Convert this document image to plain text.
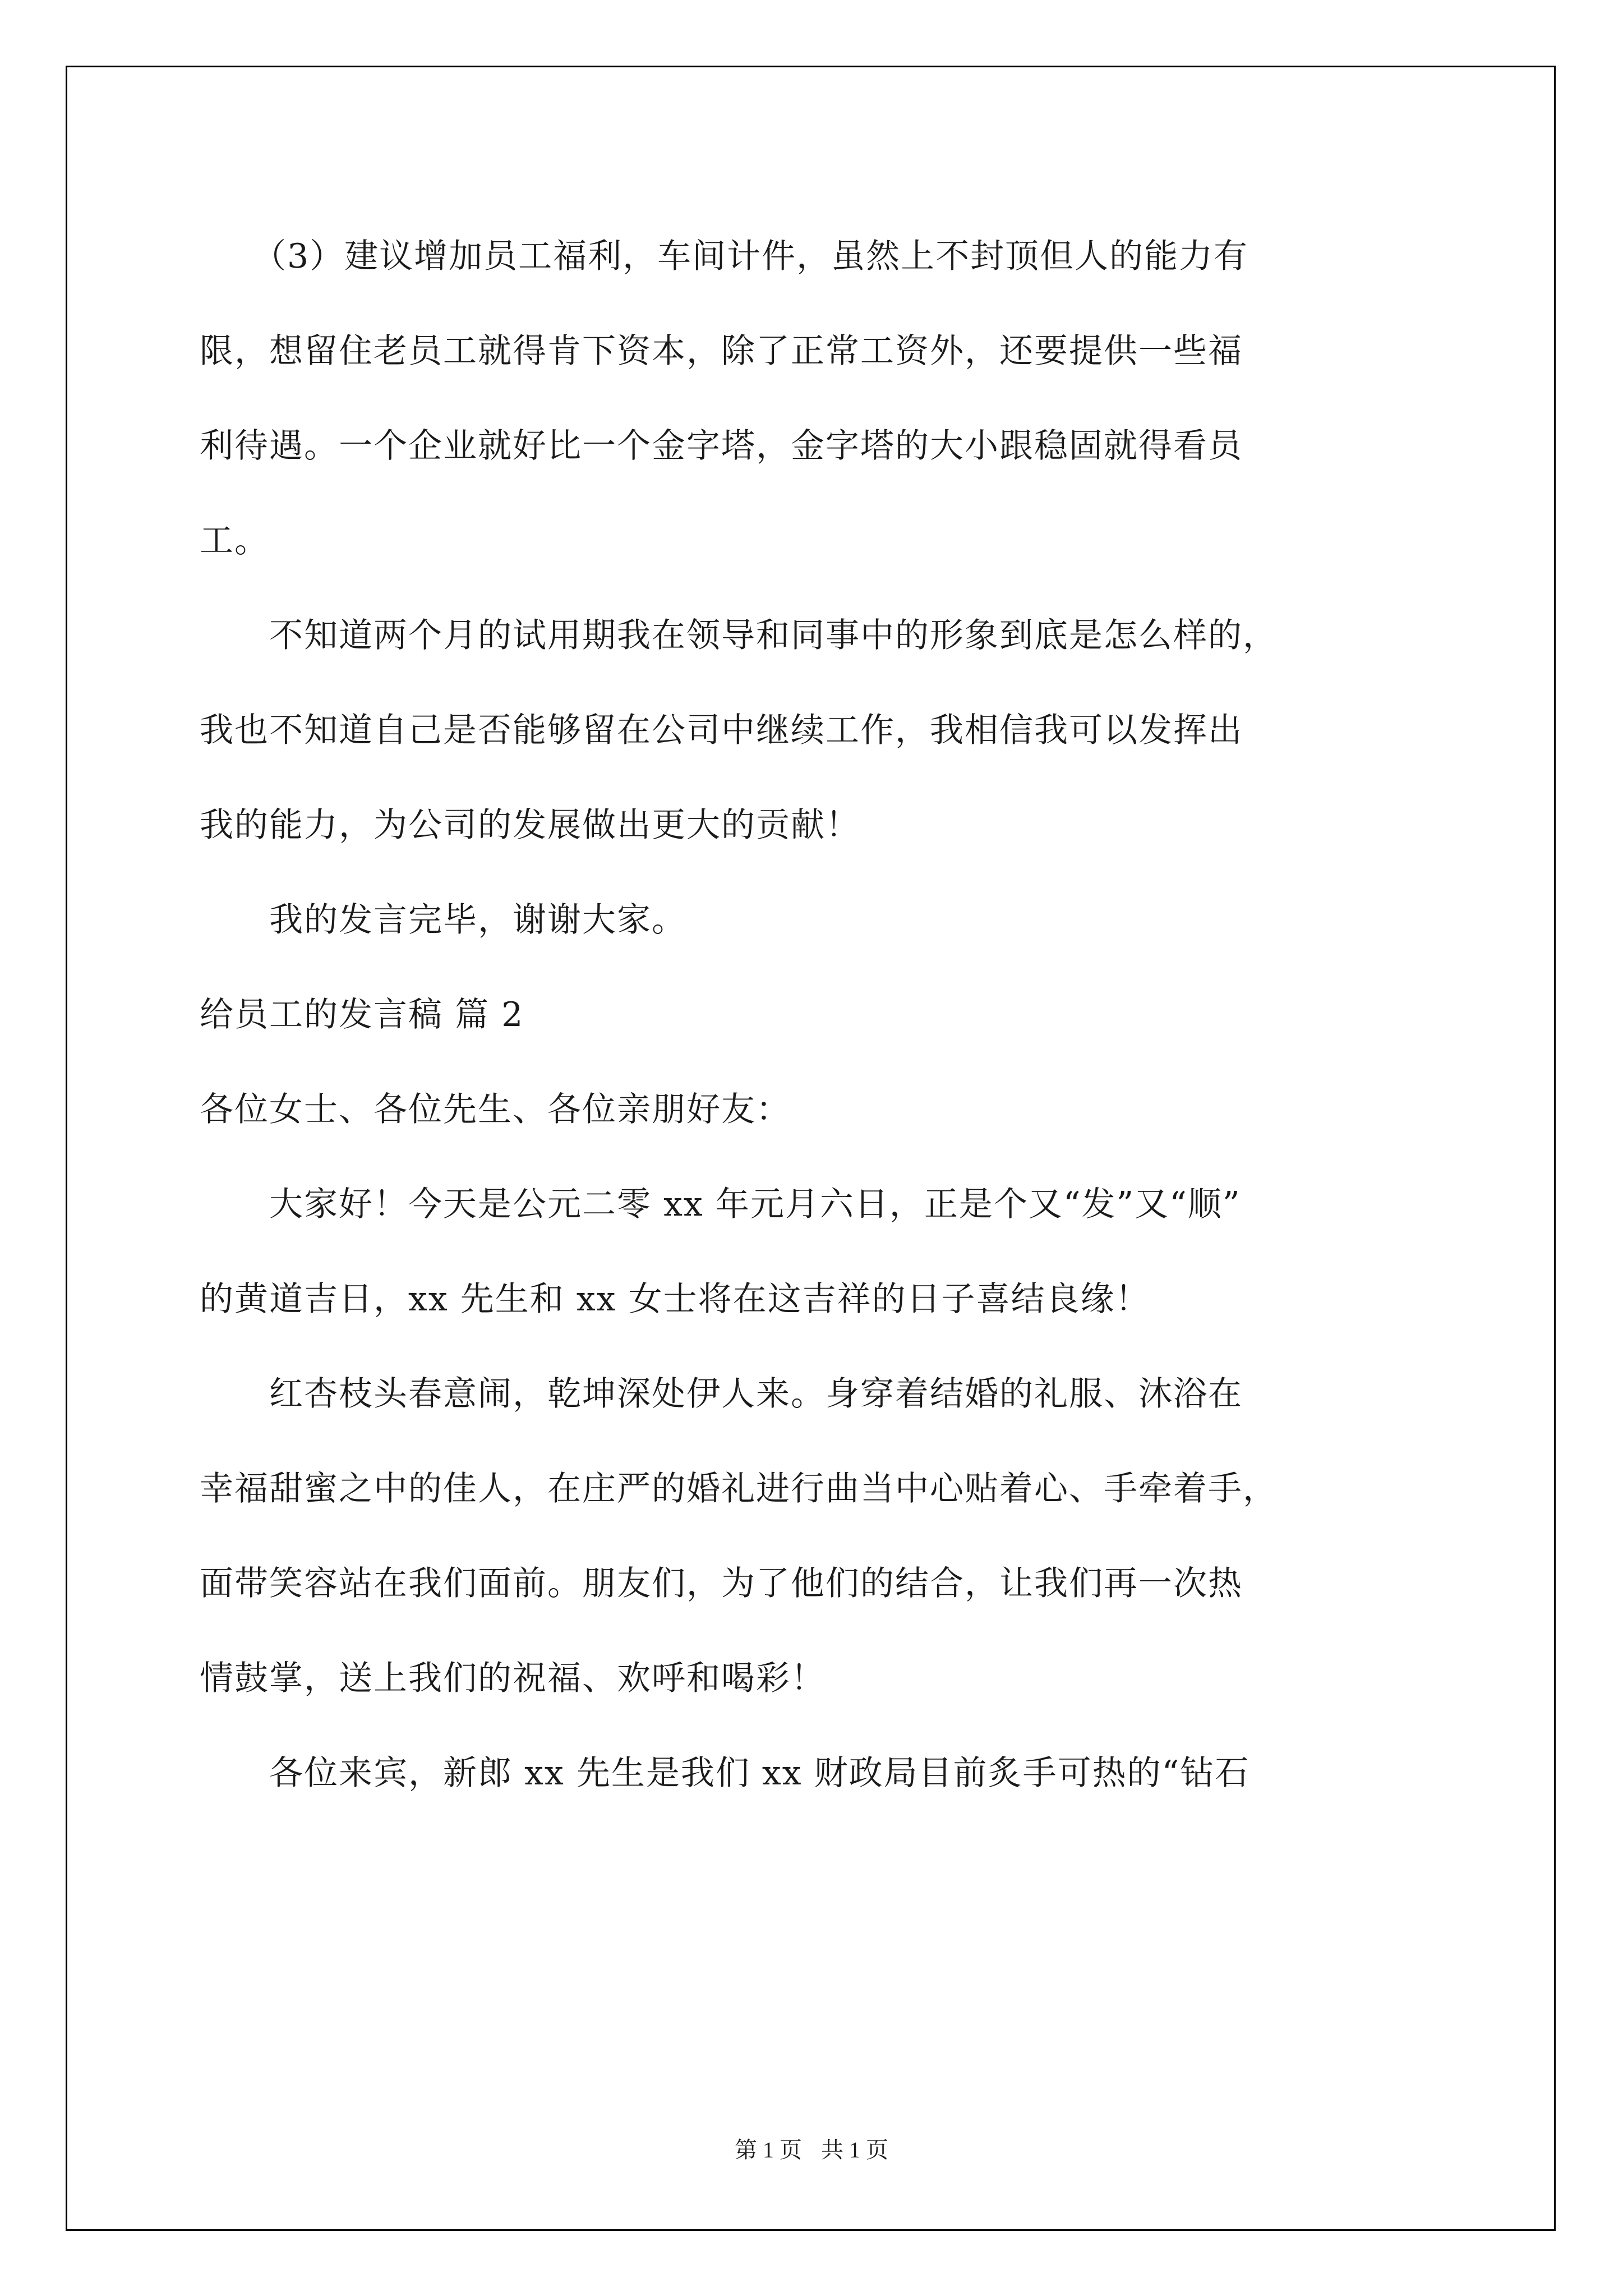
　　（3）建议增加员工福利，车间计件，虽然上不封顶但人的能力有
限，想留住老员工就得肯下资本，除了正常工资外，还要提供一些福
利待遇。一个企业就好比一个金字塔，金字塔的大小跟稳固就得看员
工。
　　不知道两个月的试用期我在领导和同事中的形象到底是怎么样的，
我也不知道自己是否能够留在公司中继续工作，我相信我可以发挥出
我的能力，为公司的发展做出更大的贡献！
　　我的发言完毕，谢谢大家。
给员工的发言稿 篇 2
各位女士、各位先生、各位亲朋好友：
　　大家好！今天是公元二零 xx 年元月六日，正是个又“发”又“顺”
的黄道吉日，xx 先生和 xx 女士将在这吉祥的日子喜结良缘！
　　红杏枝头春意闹，乾坤深处伊人来。身穿着结婚的礼服、沐浴在
幸福甜蜜之中的佳人，在庄严的婚礼进行曲当中心贴着心、手牵着手，
面带笑容站在我们面前。朋友们，为了他们的结合，让我们再一次热
情鼓掌，送上我们的祝福、欢呼和喝彩！
　　各位来宾，新郎 xx 先生是我们 xx 财政局目前炙手可热的“钻石
第 1 页 共 1 页
